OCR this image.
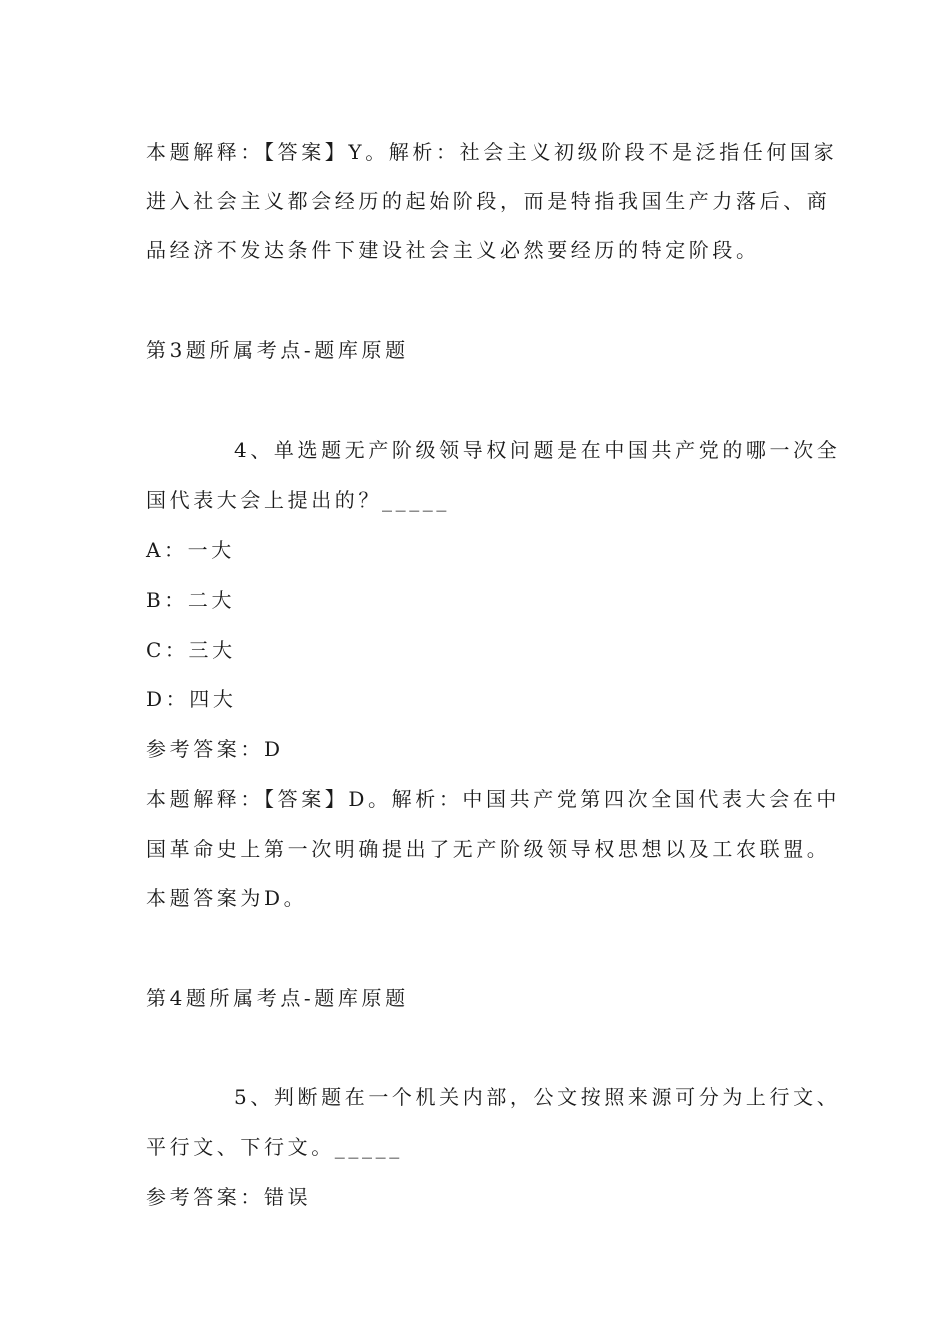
本题解释：【答案】Y。解析：社会主义初级阶段不是泛指任何国家
进入社会主义都会经历的起始阶段，而是特指我国生产力落后、商
品经济不发达条件下建设社会主义必然要经历的特定阶段。
第3题所属考点-题库原题
4、单选题无产阶级领导权问题是在中国共产党的哪一次全
国代表大会上提出的？_____
A：一大
B：二大
C：三大
D：四大
参考答案：D
本题解释：【答案】D。解析：中国共产党第四次全国代表大会在中
国革命史上第一次明确提出了无产阶级领导权思想以及工农联盟。
本题答案为D。
第4题所属考点-题库原题
5、判断题在一个机关内部，公文按照来源可分为上行文、
平行文、下行文。_____
参考答案：错误
